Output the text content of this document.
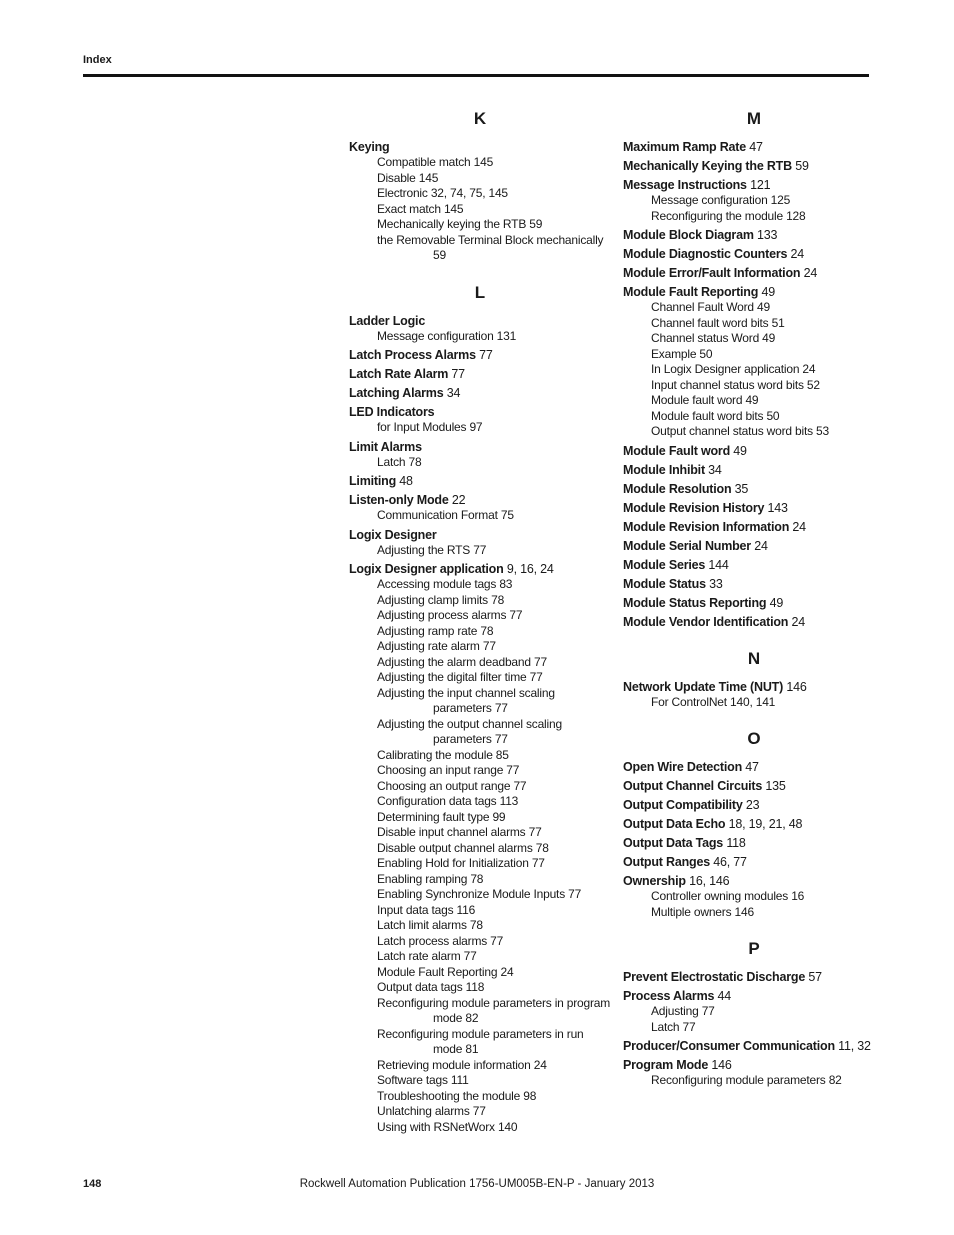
Index
K
Keying
Compatible match 145
Disable 145
Electronic 32, 74, 75, 145
Exact match 145
Mechanically keying the RTB 59
the Removable Terminal Block mechanically
59
L
Ladder Logic
Message configuration 131
Latch Process Alarms 77
Latch Rate Alarm 77
Latching Alarms 34
LED Indicators
for Input Modules 97
Limit Alarms
Latch 78
Limiting 48
Listen-only Mode 22
Communication Format 75
Logix Designer
Adjusting the RTS 77
Logix Designer application 9, 16, 24
Accessing module tags 83
Adjusting clamp limits 78
Adjusting process alarms 77
Adjusting ramp rate 78
Adjusting rate alarm 77
Adjusting the alarm deadband 77
Adjusting the digital filter time 77
Adjusting the input channel scaling
parameters 77
Adjusting the output channel scaling
parameters 77
Calibrating the module 85
Choosing an input range 77
Choosing an output range 77
Configuration data tags 113
Determining fault type 99
Disable input channel alarms 77
Disable output channel alarms 78
Enabling Hold for Initialization 77
Enabling ramping 78
Enabling Synchronize Module Inputs 77
Input data tags 116
Latch limit alarms 78
Latch process alarms 77
Latch rate alarm 77
Module Fault Reporting 24
Output data tags 118
Reconfiguring module parameters in program
mode 82
Reconfiguring module parameters in run
mode 81
Retrieving module information 24
Software tags 111
Troubleshooting the module 98
Unlatching alarms 77
Using with RSNetWorx 140
M
Maximum Ramp Rate 47
Mechanically Keying the RTB 59
Message Instructions 121
Message configuration 125
Reconfiguring the module 128
Module Block Diagram 133
Module Diagnostic Counters 24
Module Error/Fault Information 24
Module Fault Reporting 49
Channel Fault Word 49
Channel fault word bits 51
Channel status Word 49
Example 50
In Logix Designer application 24
Input channel status word bits 52
Module fault word 49
Module fault word bits 50
Output channel status word bits 53
Module Fault word 49
Module Inhibit 34
Module Resolution 35
Module Revision History 143
Module Revision Information 24
Module Serial Number 24
Module Series 144
Module Status 33
Module Status Reporting 49
Module Vendor Identification 24
N
Network Update Time (NUT) 146
For ControlNet 140, 141
O
Open Wire Detection 47
Output Channel Circuits 135
Output Compatibility 23
Output Data Echo 18, 19, 21, 48
Output Data Tags 118
Output Ranges 46, 77
Ownership 16, 146
Controller owning modules 16
Multiple owners 146
P
Prevent Electrostatic Discharge 57
Process Alarms 44
Adjusting 77
Latch 77
Producer/Consumer Communication 11, 32
Program Mode 146
Reconfiguring module parameters 82
148	Rockwell Automation Publication 1756-UM005B-EN-P - January 2013
